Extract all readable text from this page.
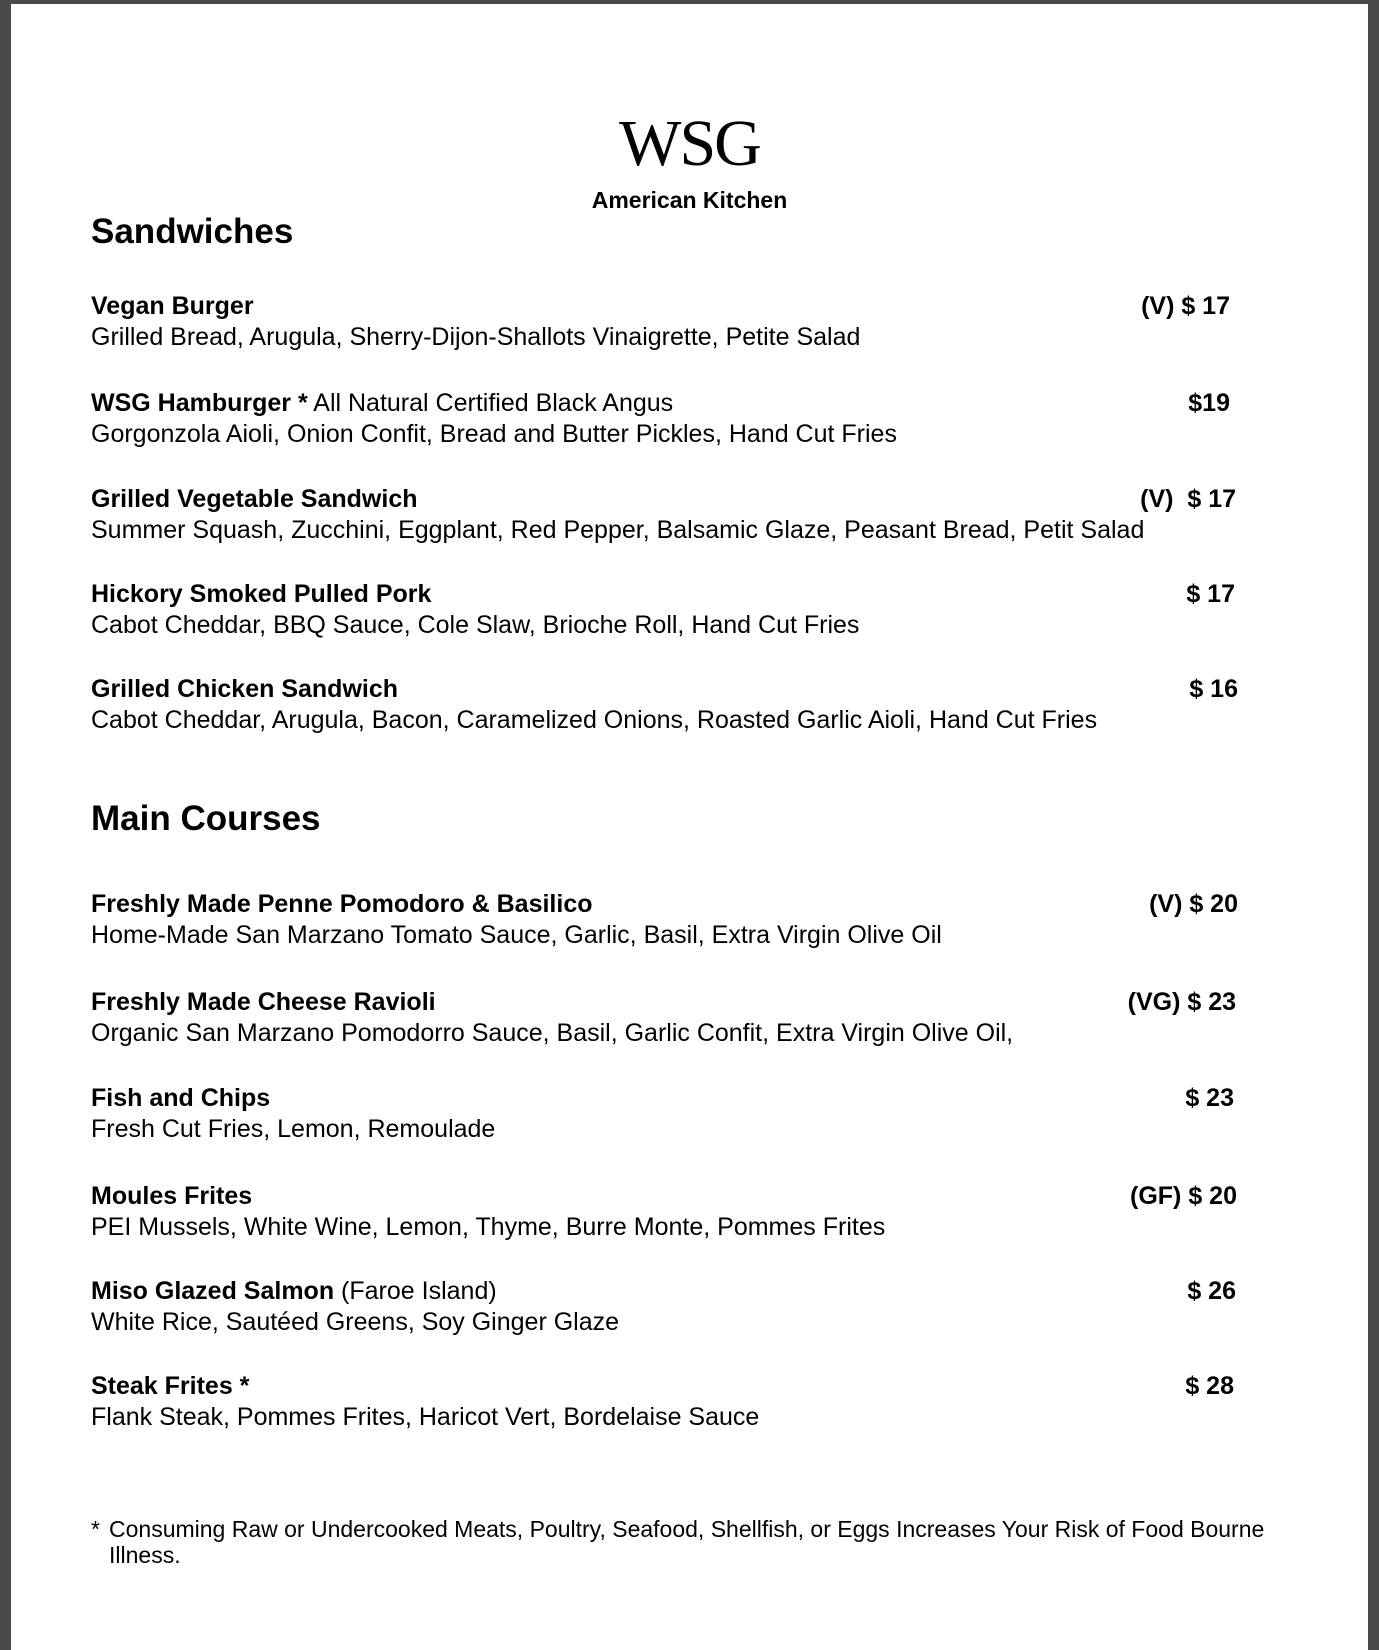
WSG
American Kitchen
Sandwiches
Vegan Burger
Grilled Bread, Arugula, Sherry-Dijon-Shallots Vinaigrette, Petite Salad
(V) $ 17
WSG Hamburger * All Natural Certified Black Angus
Gorgonzola Aioli, Onion Confit, Bread and Butter Pickles, Hand Cut Fries
$19
Grilled Vegetable Sandwich
Summer Squash, Zucchini, Eggplant, Red Pepper, Balsamic Glaze, Peasant Bread, Petit Salad
(V)  $ 17
Hickory Smoked Pulled Pork
Cabot Cheddar, BBQ Sauce, Cole Slaw, Brioche Roll, Hand Cut Fries
$ 17
Grilled Chicken Sandwich
Cabot Cheddar, Arugula, Bacon, Caramelized Onions, Roasted Garlic Aioli, Hand Cut Fries
$ 16
Main Courses
Freshly Made Penne Pomodoro & Basilico
Home-Made San Marzano Tomato Sauce, Garlic, Basil, Extra Virgin Olive Oil
(V) $ 20
Freshly Made Cheese Ravioli
Organic San Marzano Pomodorro Sauce, Basil, Garlic Confit, Extra Virgin Olive Oil,
(VG) $ 23
Fish and Chips
Fresh Cut Fries, Lemon, Remoulade
$ 23
Moules Frites
PEI Mussels, White Wine, Lemon, Thyme, Burre Monte, Pommes Frites
(GF) $ 20
Miso Glazed Salmon (Faroe Island)
White Rice, Sautéed Greens, Soy Ginger Glaze
$ 26
Steak Frites *
Flank Steak, Pommes Frites, Haricot Vert, Bordelaise Sauce
$ 28
* Consuming Raw or Undercooked Meats, Poultry, Seafood, Shellfish, or Eggs Increases Your Risk of Food Bourne Illness.
